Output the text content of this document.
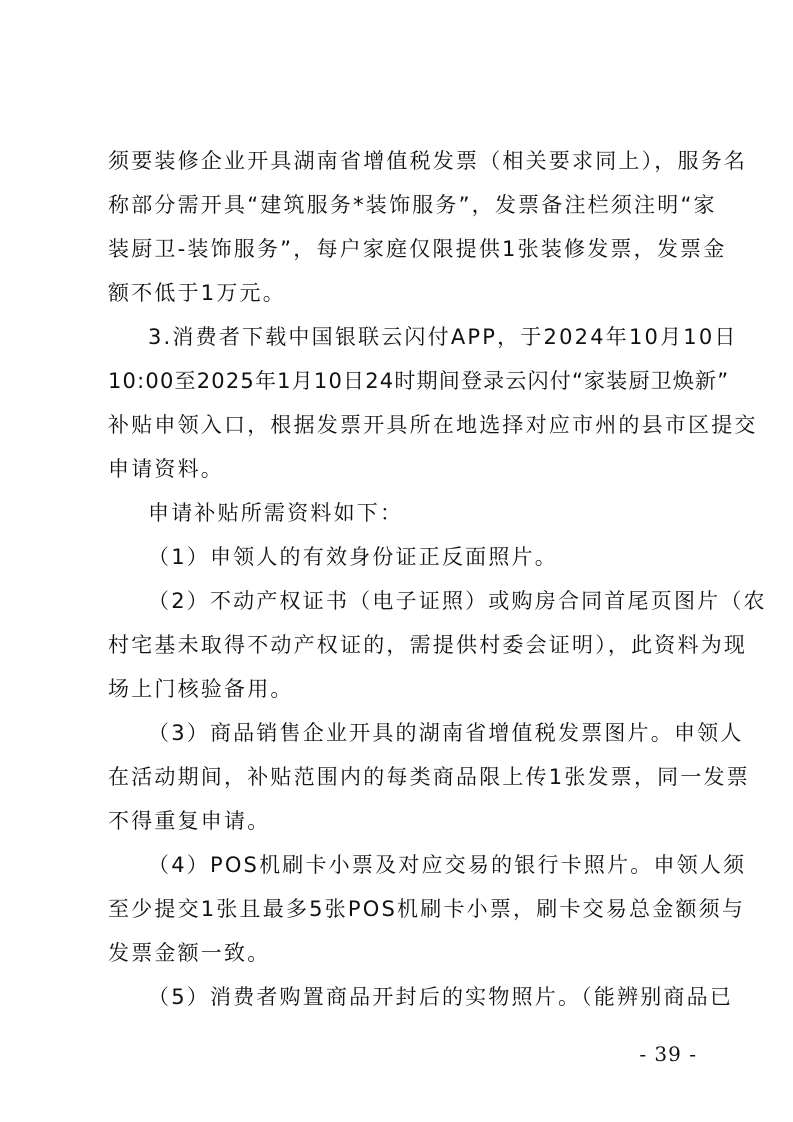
须要装修企业开具湖南省增值税发票（相关要求同上），服务名
称部分需开具“建筑服务*装饰服务”，发票备注栏须注明“家
装厨卫-装饰服务”，每户家庭仅限提供1张装修发票，发票金
额不低于1万元。
3.消费者下载中国银联云闪付APP，于2024年10月10日
10:00至2025年1月10日24时期间登录云闪付“家装厨卫焕新”
补贴申领入口，根据发票开具所在地选择对应市州的县市区提交
申请资料。
申请补贴所需资料如下：
（1）申领人的有效身份证正反面照片。
（2）不动产权证书（电子证照）或购房合同首尾页图片（农
村宅基未取得不动产权证的，需提供村委会证明），此资料为现
场上门核验备用。
（3）商品销售企业开具的湖南省增值税发票图片。申领人
在活动期间，补贴范围内的每类商品限上传1张发票，同一发票
不得重复申请。
（4）POS机刷卡小票及对应交易的银行卡照片。申领人须
至少提交1张且最多5张POS机刷卡小票，刷卡交易总金额须与
发票金额一致。
（5）消费者购置商品开封后的实物照片。（能辨别商品已
- 39 -
